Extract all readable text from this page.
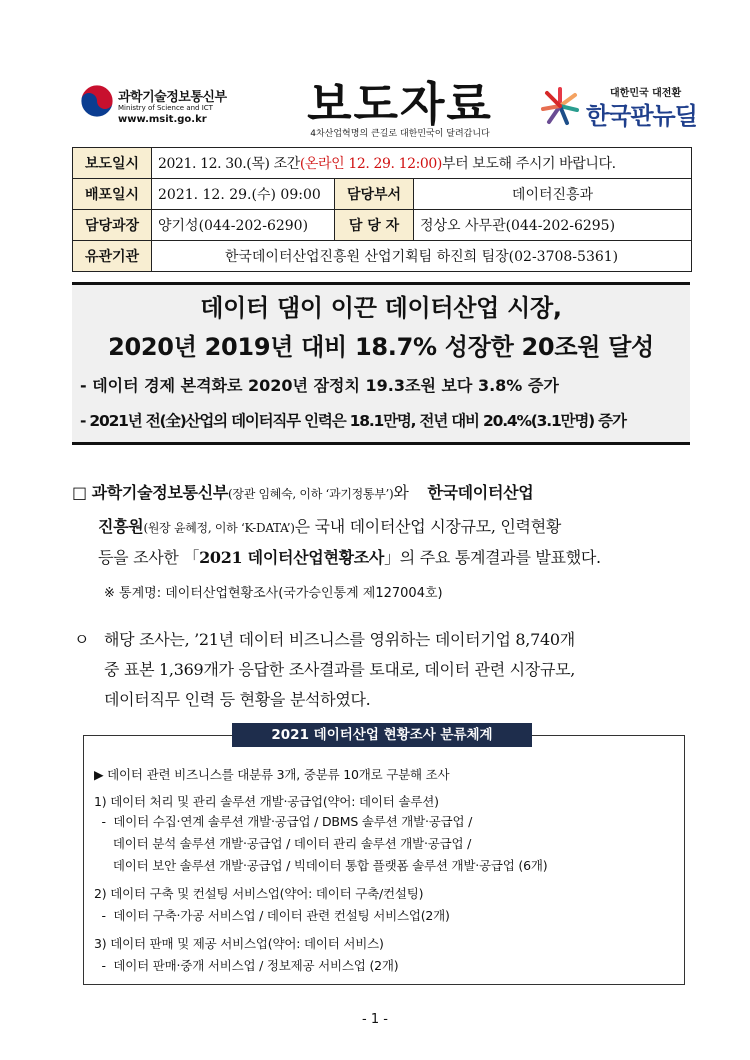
과학기술정보통신부
Ministry of Science and ICT
www.msit.go.kr	보도자료
4차산업혁명의 큰길로 대한민국이 달려갑니다
대한민국 대전환
한국판뉴딜
보도일시	2021. 12. 30.(목) 조간(온라인 12. 29. 12:00)부터 보도해 주시기 바랍니다.		
배포일시	2021. 12. 29.(수) 09:00	담당부서	데이터진흥과
담당과장	양기성(044-202-6290)	담 당 자	정상오 사무관(044-202-6295)
유관기관	한국데이터산업진흥원 산업기획팀 하진희 팀장(02-3708-5361)		
데이터 댐이 이끈 데이터산업 시장,
2020년 2019년 대비 18.7% 성장한 20조원 달성
- 데이터 경제 본격화로 2020년 잠정치 19.3조원 보다 3.8% 증가
- 2021년 전(全)산업의 데이터직무 인력은 18.1만명, 전년 대비 20.4%(3.1만명) 증가
□ 과학기술정보통신부(장관 임혜숙, 이하 ‘과기정통부’)와 한국데이터산업
진흥원(원장 윤혜정, 이하 ‘K-DATA’)은 국내 데이터산업 시장규모, 인력현황
등을 조사한 「2021 데이터산업현황조사」의 주요 통계결과를 발표했다.
※ 통계명: 데이터산업현황조사(국가승인통계 제127004호)
ㅇ 해당 조사는, ’21년 데이터 비즈니스를 영위하는 데이터기업 8,740개
중 표본 1,369개가 응답한 조사결과를 토대로, 데이터 관련 시장규모,
데이터직무 인력 등 현황을 분석하였다.
2021 데이터산업 현황조사 분류체계
▶ 데이터 관련 비즈니스를 대분류 3개, 중분류 10개로 구분해 조사
1) 데이터 처리 및 관리 솔루션 개발‧공급업(약어: 데이터 솔루션)
-  데이터 수집‧연계 솔루션 개발‧공급업 / DBMS 솔루션 개발‧공급업 /
데이터 분석 솔루션 개발‧공급업 / 데이터 관리 솔루션 개발‧공급업 /
데이터 보안 솔루션 개발‧공급업 / 빅데이터 통합 플랫폼 솔루션 개발‧공급업 (6개)
2) 데이터 구축 및 컨설팅 서비스업(약어: 데이터 구축/컨설팅)
-  데이터 구축‧가공 서비스업 / 데이터 관련 컨설팅 서비스업(2개)
3) 데이터 판매 및 제공 서비스업(약어: 데이터 서비스)
-  데이터 판매‧중개 서비스업 / 정보제공 서비스업 (2개)
- 1 -
